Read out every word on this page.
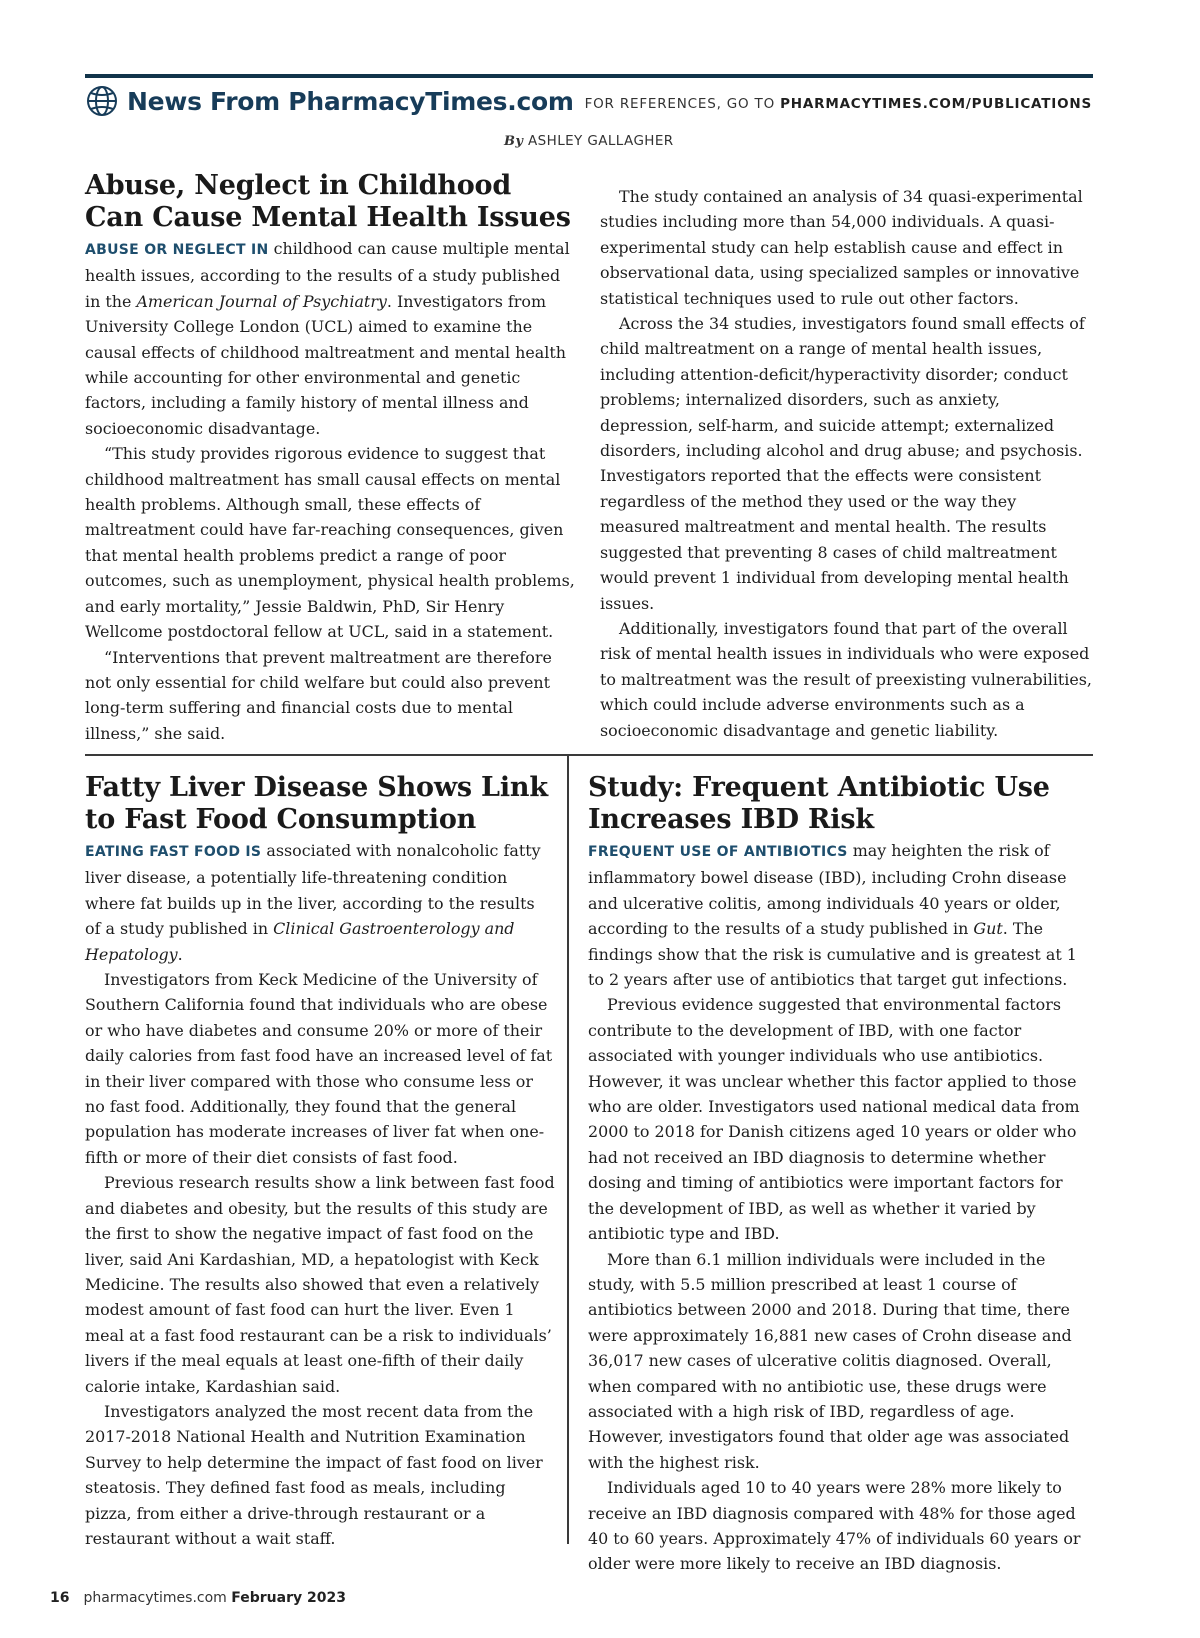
News From PharmacyTimes.com FOR REFERENCES, GO TO PHARMACYTIMES.COM/PUBLICATIONS
By ASHLEY GALLAGHER
Abuse, Neglect in Childhood Can Cause Mental Health Issues

ABUSE OR NEGLECT IN childhood can cause multiple mental health issues, according to the results of a study published in the American Journal of Psychiatry. Investigators from University College London (UCL) aimed to examine the causal effects of childhood maltreatment and mental health while accounting for other environmental and genetic factors, including a family history of mental illness and socioeconomic disadvantage.

“This study provides rigorous evidence to suggest that childhood maltreatment has small causal effects on mental health problems. Although small, these effects of maltreatment could have far-reaching consequences, given that mental health problems predict a range of poor outcomes, such as unemployment, physical health problems, and early mortality,” Jessie Baldwin, PhD, Sir Henry Wellcome postdoctoral fellow at UCL, said in a statement.

“Interventions that prevent maltreatment are therefore not only essential for child welfare but could also prevent long-term suffering and financial costs due to mental illness,” she said.

The study contained an analysis of 34 quasi-experimental studies including more than 54,000 individuals. A quasi-experimental study can help establish cause and effect in observational data, using specialized samples or innovative statistical techniques used to rule out other factors.

Across the 34 studies, investigators found small effects of child maltreatment on a range of mental health issues, including attention-deficit/hyperactivity disorder; conduct problems; internalized disorders, such as anxiety, depression, self-harm, and suicide attempt; externalized disorders, including alcohol and drug abuse; and psychosis. Investigators reported that the effects were consistent regardless of the method they used or the way they measured maltreatment and mental health. The results suggested that preventing 8 cases of child maltreatment would prevent 1 individual from developing mental health issues.

Additionally, investigators found that part of the overall risk of mental health issues in individuals who were exposed to maltreatment was the result of preexisting vulnerabilities, which could include adverse environments such as a socioeconomic disadvantage and genetic liability.

Fatty Liver Disease Shows Link to Fast Food Consumption

EATING FAST FOOD IS associated with nonalcoholic fatty liver disease, a potentially life-threatening condition where fat builds up in the liver, according to the results of a study published in Clinical Gastroenterology and Hepatology.

Investigators from Keck Medicine of the University of Southern California found that individuals who are obese or who have diabetes and consume 20% or more of their daily calories from fast food have an increased level of fat in their liver compared with those who consume less or no fast food. Additionally, they found that the general population has moderate increases of liver fat when one-fifth or more of their diet consists of fast food.

Previous research results show a link between fast food and diabetes and obesity, but the results of this study are the first to show the negative impact of fast food on the liver, said Ani Kardashian, MD, a hepatologist with Keck Medicine. The results also showed that even a relatively modest amount of fast food can hurt the liver. Even 1 meal at a fast food restaurant can be a risk to individuals’ livers if the meal equals at least one-fifth of their daily calorie intake, Kardashian said.

Investigators analyzed the most recent data from the 2017-2018 National Health and Nutrition Examination Survey to help determine the impact of fast food on liver steatosis. They defined fast food as meals, including pizza, from either a drive-through restaurant or a restaurant without a wait staff.

Study: Frequent Antibiotic Use Increases IBD Risk

FREQUENT USE OF ANTIBIOTICS may heighten the risk of inflammatory bowel disease (IBD), including Crohn disease and ulcerative colitis, among individuals 40 years or older, according to the results of a study published in Gut. The findings show that the risk is cumulative and is greatest at 1 to 2 years after use of antibiotics that target gut infections.

Previous evidence suggested that environmental factors contribute to the development of IBD, with one factor associated with younger individuals who use antibiotics. However, it was unclear whether this factor applied to those who are older. Investigators used national medical data from 2000 to 2018 for Danish citizens aged 10 years or older who had not received an IBD diagnosis to determine whether dosing and timing of antibiotics were important factors for the development of IBD, as well as whether it varied by antibiotic type and IBD.

More than 6.1 million individuals were included in the study, with 5.5 million prescribed at least 1 course of antibiotics between 2000 and 2018. During that time, there were approximately 16,881 new cases of Crohn disease and 36,017 new cases of ulcerative colitis diagnosed. Overall, when compared with no antibiotic use, these drugs were associated with a high risk of IBD, regardless of age. However, investigators found that older age was associated with the highest risk.

Individuals aged 10 to 40 years were 28% more likely to receive an IBD diagnosis compared with 48% for those aged 40 to 60 years. Approximately 47% of individuals 60 years or older were more likely to receive an IBD diagnosis.

16 pharmacytimes.com February 2023
